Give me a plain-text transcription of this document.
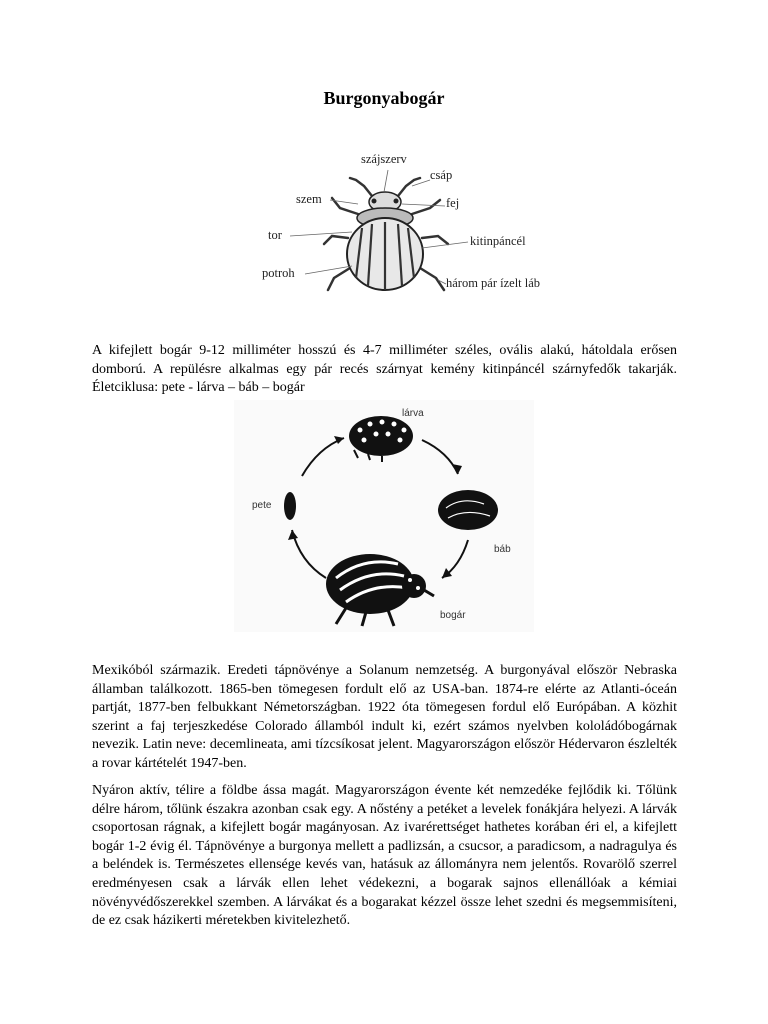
Burgonyabogár
szájszerv
csáp
szem	fej
tor	kitinpáncél
potroh
három pár ízelt láb

A kifejlett bogár 9-12 milliméter hosszú és 4-7 milliméter széles, ovális alakú, hátoldala erősen domború. A repülésre alkalmas egy pár recés szárnyat kemény kitinpáncél szárnyfedők takarják. Életciklusa: pete - lárva – báb – bogár

lárva
pete
báb
bogár

Mexikóból származik. Eredeti tápnövénye a Solanum nemzetség. A burgonyával először Nebraska államban találkozott. 1865-ben tömegesen fordult elő az USA-ban. 1874-re elérte az Atlanti-óceán partját, 1877-ben felbukkant Németországban. 1922 óta tömegesen fordul elő Európában. A közhit szerint a faj terjeszkedése Colorado államból indult ki, ezért számos nyelvben kololádóbogárnak nevezik. Latin neve: decemlineata, ami tízcsíkosat jelent. Magyarországon először Hédervaron észlelték a rovar kártételét 1947-ben.

Nyáron aktív, télire a földbe ássa magát. Magyarországon évente két nemzedéke fejlődik ki. Tőlünk délre három, tőlünk északra azonban csak egy. A nőstény a petéket a levelek fonákjára helyezi. A lárvák csoportosan rágnak, a kifejlett bogár magányosan. Az ivarérettséget hathetes korában éri el, a kifejlett bogár 1-2 évig él. Tápnövénye a burgonya mellett a padlizsán, a csucsor, a paradicsom, a nadragulya és a beléndek is. Természetes ellensége kevés van, hatásuk az állományra nem jelentős. Rovarölő szerrel eredményesen csak a lárvák ellen lehet védekezni, a bogarak sajnos ellenállóak a kémiai növényvédőszerekkel szemben. A lárvákat és a bogarakat kézzel össze lehet szedni és megsemmisíteni, de ez csak házikerti méretekben kivitelezhető.
